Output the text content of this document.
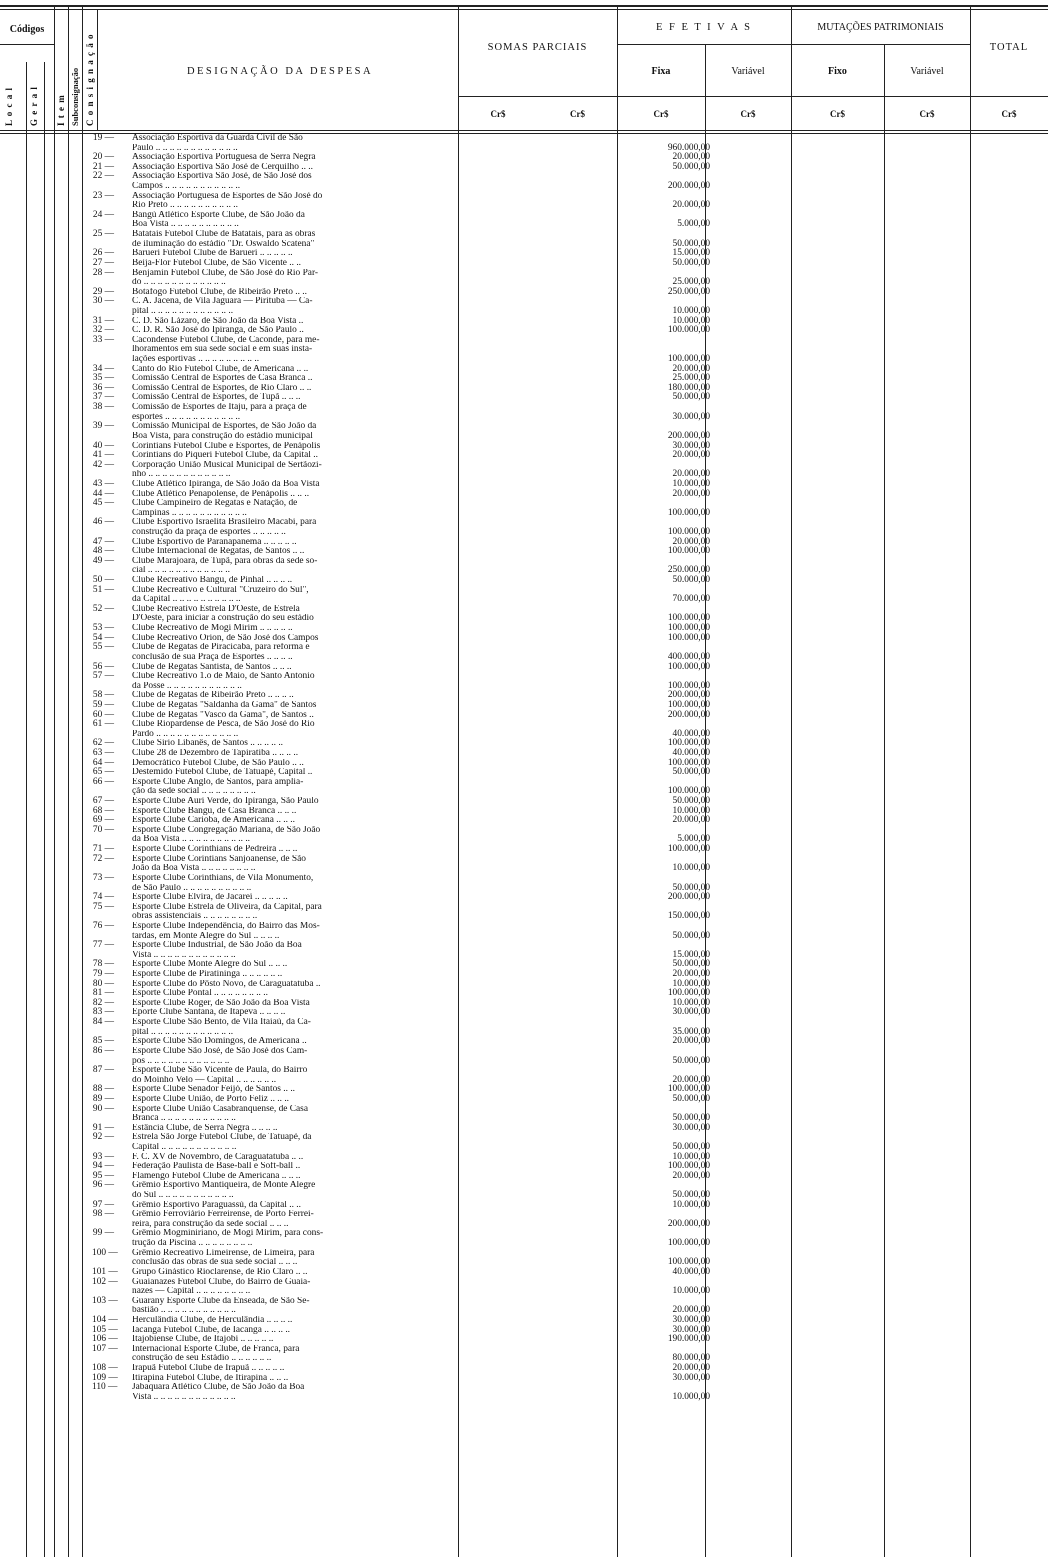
Códigos
L o c a l G e r a l I t e m Subconsignação C o n s i g n a ç ã o	DESIGNAÇÃO DA DESPESA
SOMAS PARCIAIS
E F E T I V A S	MUTAÇÕES PATRIMONIAIS
TOTAL
Fixa	Variável	Fixo	Variável
Cr$	Cr$	Cr$	Cr$	Cr$	Cr$	Cr$
19 — Associação Esportiva da Guarda Civil de São
Paulo .. .. .. .. .. .. .. .. .. .. .. ..	960.000,00
20 — Associação Esportiva Portuguesa de Serra Negra	20.000,00
21 — Associação Esportiva São José de Cerquilho .. ..	50.000,00
22 — Associação Esportiva São José, de São José dos
Campos .. .. .. .. .. .. .. .. .. .. ..	200.000,00
23 — Associação Portuguesa de Esportes de São José do
Rio Preto .. .. .. .. .. .. .. .. .. ..	20.000,00
24 — Bangú Atlético Esporte Clube, de São João da
Boa Vista .. .. .. .. .. .. .. .. .. ..	5.000,00
25 — Batatais Futebol Clube de Batatais, para as obras
de iluminação do estádio "Dr. Oswaldo Scatena"	50.000,00
26 — Barueri Futebol Clube de Barueri .. .. .. .. ..	15.000,00
27 — Beija-Flor Futebol Clube, de São Vicente .. ..	50.000,00
28 — Benjamin Futebol Clube, de São José do Rio Par-
do .. .. .. .. .. .. .. .. .. .. .. ..	25.000,00
29 — Botafogo Futebol Clube, de Ribeirão Preto .. ..	250.000,00
30 — C. A. Jacena, de Vila Jaguara — Pirituba — Ca-
pital .. .. .. .. .. .. .. .. .. .. .. ..	10.000,00
31 — C. D. São Lázaro, de São João da Boa Vista ..	10.000,00
32 — C. D. R. São José do Ipiranga, de São Paulo ..	100.000,00
33 — Cacondense Futebol Clube, de Caconde, para me-
lhoramentos em sua sede social e em suas insta-
lações esportivas .. .. .. .. .. .. .. .. ..	100.000,00
34 — Canto do Rio Futebol Clube, de Americana .. ..	20.000,00
35 — Comissão Central de Esportes de Casa Branca ..	25.000,00
36 — Comissão Central de Esportes, de Rio Claro .. ..	180.000,00
37 — Comissão Central de Esportes, de Tupã .. .. ..	50.000,00
38 — Comissão de Esportes de Itaju, para a praça de
esportes .. .. .. .. .. .. .. .. .. .. ..	30.000,00
39 — Comissão Municipal de Esportes, de São João da
Boa Vista, para construção do estádio municipal	200.000,00
40 — Corintians Futebol Clube e Esportes, de Penápolis	30.000,00
41 — Corintians do Piqueri Futebol Clube, da Capital ..	20.000,00
42 — Corporação União Musical Municipal de Sertãozi-
nho .. .. .. .. .. .. .. .. .. .. .. ..	20.000,00
43 — Clube Atlético Ipiranga, de São João da Boa Vista	10.000,00
44 — Clube Atlético Penapolense, de Penápolis .. .. ..	20.000,00
45 — Clube Campineiro de Regatas e Natação, de
Campinas .. .. .. .. .. .. .. .. .. .. ..	100.000,00
46 — Clube Esportivo Israelita Brasileiro Macabi, para
construção da praça de esportes .. .. .. .. ..	100.000,00
47 — Clube Esportivo de Paranapanema .. .. .. .. ..	20.000,00
48 — Clube Internacional de Regatas, de Santos .. ..	100.000,00
49 — Clube Marajoara, de Tupã, para obras da sede so-
cial .. .. .. .. .. .. .. .. .. .. .. ..	250.000,00
50 — Clube Recreativo Bangu, de Pinhal .. .. .. ..	50.000,00
51 — Clube Recreativo e Cultural "Cruzeiro do Sul",
da Capital .. .. .. .. .. .. .. .. .. ..	70.000,00
52 — Clube Recreativo Estrela D'Oeste, de Estrela
D'Oeste, para iniciar a construção do seu estádio	100.000,00
53 — Clube Recreativo de Mogi Mirim .. .. .. .. ..	100.000,00
54 — Clube Recreativo Orion, de São José dos Campos	100.000,00
55 — Clube de Regatas de Piracicaba, para reforma e
conclusão de sua Praça de Esportes .. .. .. ..	400.000,00
56 — Clube de Regatas Santista, de Santos .. .. ..	100.000,00
57 — Clube Recreativo 1.o de Maio, de Santo Antonio
da Posse .. .. .. .. .. .. .. .. .. .. ..	100.000,00
58 — Clube de Regatas de Ribeirão Preto .. .. .. ..	200.000,00
59 — Clube de Regatas "Saldanha da Gama" de Santos	100.000,00
60 — Clube de Regatas "Vasco da Gama", de Santos ..	200.000,00
61 — Clube Riopardense de Pesca, de São José do Rio
Pardo .. .. .. .. .. .. .. .. .. .. .. ..	40.000,00
62 — Clube Sirio Libanês, de Santos .. .. .. .. ..	100.000,00
63 — Clube 28 de Dezembro de Tapiratiba .. .. .. ..	40.000,00
64 — Democrático Futebol Clube, de São Paulo .. ..	100.000,00
65 — Destemido Futebol Clube, de Tatuapé, Capital ..	50.000,00
66 — Esporte Clube Anglo, de Santos, para amplia-
ção da sede social .. .. .. .. .. .. .. ..	100.000,00
67 — Esporte Clube Auri Verde, do Ipiranga, São Paulo	50.000,00
68 — Esporte Clube Bangu, de Casa Branca .. .. ..	10.000,00
69 — Esporte Clube Carioba, de Americana .. .. ..	20.000,00
70 — Esporte Clube Congregação Mariana, de São João
da Boa Vista .. .. .. .. .. .. .. .. .. ..	5.000,00
71 — Esporte Clube Corinthians de Pedreira .. .. ..	100.000,00
72 — Esporte Clube Corintians Sanjoanense, de São
João da Boa Vista .. .. .. .. .. .. .. ..	10.000,00
73 — Esporte Clube Corinthians, de Vila Monumento,
de São Paulo .. .. .. .. .. .. .. .. .. ..	50.000,00
74 — Esporte Clube Elvira, de Jacareí .. .. .. .. ..	200.000,00
75 — Esporte Clube Estrela de Oliveira, da Capital, para
obras assistenciais .. .. .. .. .. .. .. ..	150.000,00
76 — Esporte Clube Independência, do Bairro das Mos-
tardas, em Monte Alegre do Sul .. .. .. ..	50.000,00
77 — Esporte Clube Industrial, de São João da Boa
Vista .. .. .. .. .. .. .. .. .. .. .. ..	15.000,00
78 — Esporte Clube Monte Alegre do Sul .. .. ..	50.000,00
79 — Esporte Clube de Piratininga .. .. .. .. .. ..	20.000,00
80 — Esporte Clube do Pôsto Novo, de Caraguatatuba ..	10.000,00
81 — Esporte Clube Pontal .. .. .. .. .. .. .. ..	100.000,00
82 — Esporte Clube Roger, de São João da Boa Vista	10.000,00
83 — Eporte Clube Santana, de Itapeva .. .. .. ..	30.000,00
84 — Esporte Clube São Bento, de Vila Itaiaú, da Ca-
pital .. .. .. .. .. .. .. .. .. .. .. ..	35.000,00
85 — Esporte Clube São Domingos, de Americana ..	20.000,00
86 — Esporte Clube São José, de São José dos Cam-
pos .. .. .. .. .. .. .. .. .. .. .. ..	50.000,00
87 — Esporte Clube São Vicente de Paula, do Bairro
do Moinho Velo — Capital .. .. .. .. .. ..	20.000,00
88 — Esporte Clube Senador Feijó, de Santos .. ..	100.000,00
89 — Esporte Clube União, de Porto Feliz .. .. ..	50.000,00
90 — Esporte Clube União Casabranquense, de Casa
Branca .. .. .. .. .. .. .. .. .. .. ..	50.000,00
91 — Estância Clube, de Serra Negra .. .. .. ..	30.000,00
92 — Estrela São Jorge Futebol Clube, de Tatuapé, da
Capital .. .. .. .. .. .. .. .. .. .. ..	50.000,00
93 — F. C. XV de Novembro, de Caraguatatuba .. ..	10.000,00
94 — Federação Paulista de Base-ball e Soft-ball ..	100.000,00
95 — Flamengo Futebol Clube de Americana .. .. ..	20.000,00
96 — Grêmio Esportivo Mantiqueira, de Monte Alegre
do Sul .. .. .. .. .. .. .. .. .. .. ..	50.000,00
97 — Grêmio Esportivo Paraguassú, da Capital .. ..	10.000,00
98 — Grêmio Ferroviário Ferreirense, de Porto Ferrei-
reira, para construção da sede social .. .. ..	200.000,00
99 — Grêmio Mogminiriano, de Mogi Mirim, para cons-
trução da Piscina .. .. .. .. .. .. .. ..	100.000,00
100 — Grêmio Recreativo Limeirense, de Limeira, para
conclusão das obras de sua sede social .. .. ..	100.000,00
101 — Grupo Ginástico Rioclarense, de Rio Claro .. ..	40.000,00
102 — Guaianazes Futebol Clube, do Bairro de Guaia-
nazes — Capital .. .. .. .. .. .. .. ..	10.000,00
103 — Guarany Esporte Clube da Enseada, de São Se-
bastião .. .. .. .. .. .. .. .. .. .. ..	20.000,00
104 — Herculândia Clube, de Herculândia .. .. .. ..	30.000,00
105 — Iacanga Futebol Clube, de Iacanga .. .. .. ..	30.000,00
106 — Itajobiense Clube, de Itajobi .. .. .. .. ..	190.000,00
107 — Internacional Esporte Clube, de Franca, para
construção de seu Estádio .. .. .. .. .. ..	80.000,00
108 — Irapuã Futebol Clube de Irapuã .. .. .. .. ..	20.000,00
109 — Itirapina Futebol Clube, de Itirapina .. .. ..	30.000,00
110 — Jabaquara Atlético Clube, de São João da Boa
Vista .. .. .. .. .. .. .. .. .. .. .. ..	10.000,00
